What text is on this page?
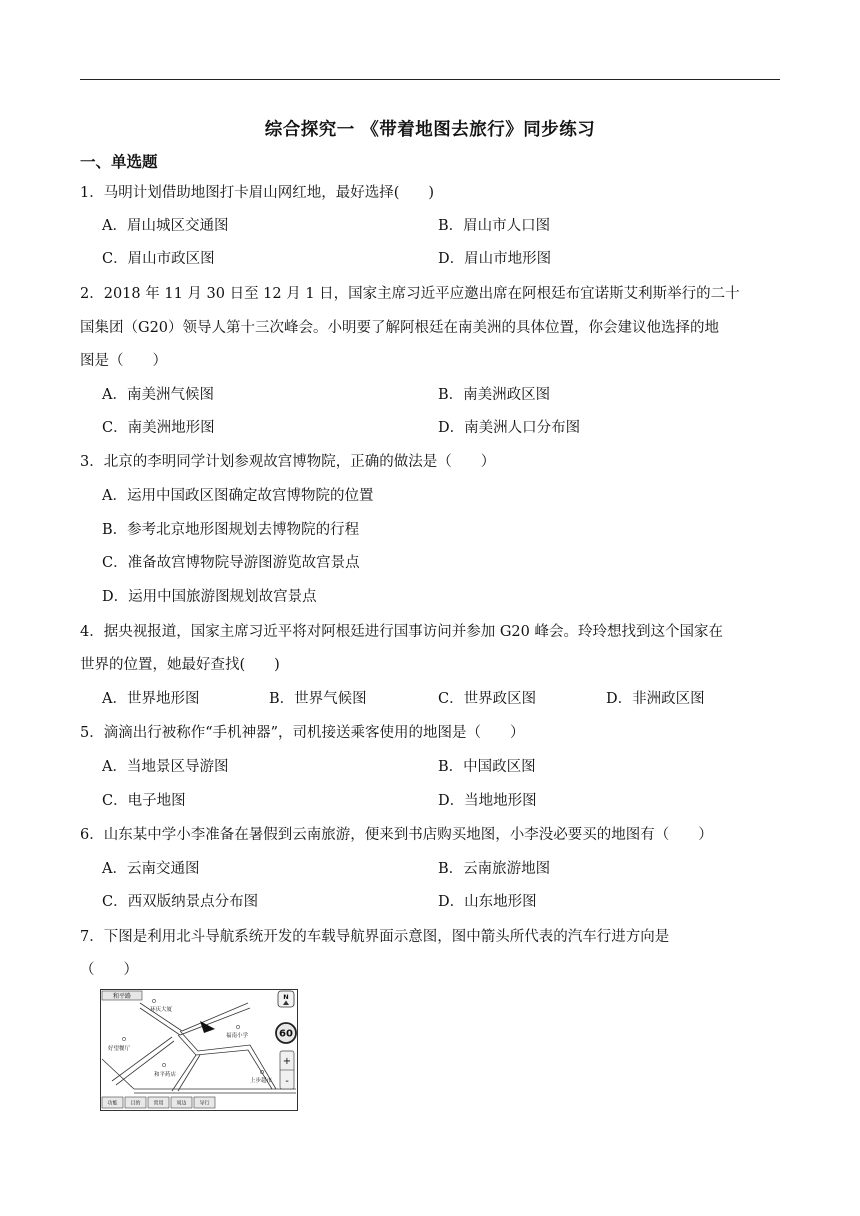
综合探究一 《带着地图去旅行》同步练习
一、单选题
1．马明计划借助地图打卡眉山网红地，最好选择(　　)
A．眉山城区交通图	B．眉山市人口图
C．眉山市政区图	D．眉山市地形图
2．2018 年 11 月 30 日至 12 月 1 日，国家主席习近平应邀出席在阿根廷布宜诺斯艾利斯举行的二十
国集团（G20）领导人第十三次峰会。小明要了解阿根廷在南美洲的具体位置，你会建议他选择的地
图是（　　）
A．南美洲气候图	B．南美洲政区图
C．南美洲地形图	D．南美洲人口分布图
3．北京的李明同学计划参观故宫博物院，正确的做法是（　　）
A．运用中国政区图确定故宫博物院的位置
B．参考北京地形图规划去博物院的行程
C．准备故宫博物院导游图游览故宫景点
D．运用中国旅游图规划故宫景点
4．据央视报道，国家主席习近平将对阿根廷进行国事访问并参加 G20 峰会。玲玲想找到这个国家在
世界的位置，她最好查找(　　)
A．世界地形图	B．世界气候图	C．世界政区图	D．非洲政区图
5．滴滴出行被称作“手机神器”，司机接送乘客使用的地图是（　　）
A．当地景区导游图	B．中国政区图
C．电子地图	D．当地地形图
6．山东某中学小李准备在暑假到云南旅游，便来到书店购买地图，小李没必要买的地图有（　　）
A．云南交通图	B．云南旅游地图
C．西双版纳景点分布图	D．山东地形图
7．下图是利用北斗导航系统开发的车载导航界面示意图，图中箭头所代表的汽车行进方向是
（　　）
和平路
环庆大厦
福南小学
好望餐厅
和平药店
上步超市
N
60
+
-
功能	目的	常用	周边	导行
